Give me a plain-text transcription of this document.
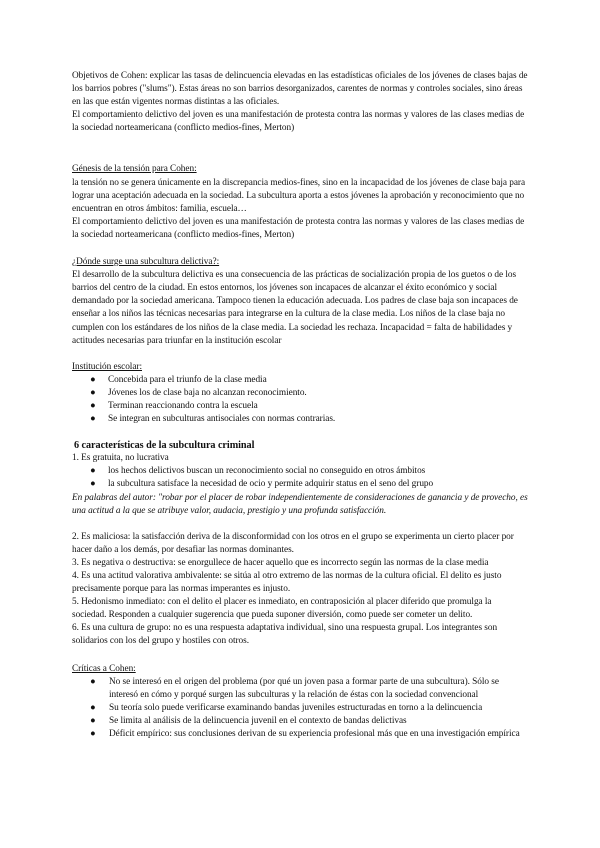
Objetivos de Cohen: explicar las tasas de delincuencia elevadas en las estadísticas oficiales de los jóvenes de clases bajas de los barrios pobres ("slums"). Estas áreas no son barrios desorganizados, carentes de normas y controles sociales, sino áreas en las que están vigentes normas distintas a las oficiales.

El comportamiento delictivo del joven es una manifestación de protesta contra las normas y valores de las clases medias de la sociedad norteamericana (conflicto medios-fines, Merton)

Génesis de la tensión para Cohen:

la tensión no se genera únicamente en la discrepancia medios-fines, sino en la incapacidad de los jóvenes de clase baja para lograr una aceptación adecuada en la sociedad. La subcultura aporta a estos jóvenes la aprobación y reconocimiento que no encuentran en otros ámbitos: familia, escuela…

El comportamiento delictivo del joven es una manifestación de protesta contra las normas y valores de las clases medias de la sociedad norteamericana (conflicto medios-fines, Merton)

¿Dónde surge una subcultura delictiva?:

El desarrollo de la subcultura delictiva es una consecuencia de las prácticas de socialización propia de los guetos o de los barrios del centro de la ciudad. En estos entornos, los jóvenes son incapaces de alcanzar el éxito económico y social demandado por la sociedad americana. Tampoco tienen la educación adecuada. Los padres de clase baja son incapaces de enseñar a los niños las técnicas necesarias para integrarse en la cultura de la clase media. Los niños de la clase baja no cumplen con los estándares de los niños de la clase media. La sociedad les rechaza. Incapacidad = falta de habilidades y actitudes necesarias para triunfar en la institución escolar

Institución escolar:

● Concebida para el triunfo de la clase media
● Jóvenes los de clase baja no alcanzan reconocimiento.
● Terminan reaccionando contra la escuela
● Se integran en subculturas antisociales con normas contrarias.

6 características de la subcultura criminal

1. Es gratuita, no lucrativa

● los hechos delictivos buscan un reconocimiento social no conseguido en otros ámbitos
● la subcultura satisface la necesidad de ocio y permite adquirir status en el seno del grupo

En palabras del autor: "robar por el placer de robar independientemente de consideraciones de ganancia y de provecho, es una actitud a la que se atribuye valor, audacia, prestigio y una profunda satisfacción.

2. Es maliciosa: la satisfacción deriva de la disconformidad con los otros en el grupo se experimenta un cierto placer por hacer daño a los demás, por desafiar las normas dominantes.

3. Es negativa o destructiva: se enorgullece de hacer aquello que es incorrecto según las normas de la clase media

4. Es una actitud valorativa ambivalente: se sitúa al otro extremo de las normas de la cultura oficial. El delito es justo precisamente porque para las normas imperantes es injusto.

5. Hedonismo inmediato: con el delito el placer es inmediato, en contraposición al placer diferido que promulga la sociedad. Responden a cualquier sugerencia que pueda suponer diversión, como puede ser cometer un delito.

6. Es una cultura de grupo: no es una respuesta adaptativa individual, sino una respuesta grupal. Los integrantes son solidarios con los del grupo y hostiles con otros.

Críticas a Cohen:

● No se interesó en el origen del problema (por qué un joven pasa a formar parte de una subcultura). Sólo se interesó en cómo y porqué surgen las subculturas y la relación de éstas con la sociedad convencional
● Su teoría solo puede verificarse examinando bandas juveniles estructuradas en torno a la delincuencia
● Se limita al análisis de la delincuencia juvenil en el contexto de bandas delictivas
● Déficit empírico: sus conclusiones derivan de su experiencia profesional más que en una investigación empírica
